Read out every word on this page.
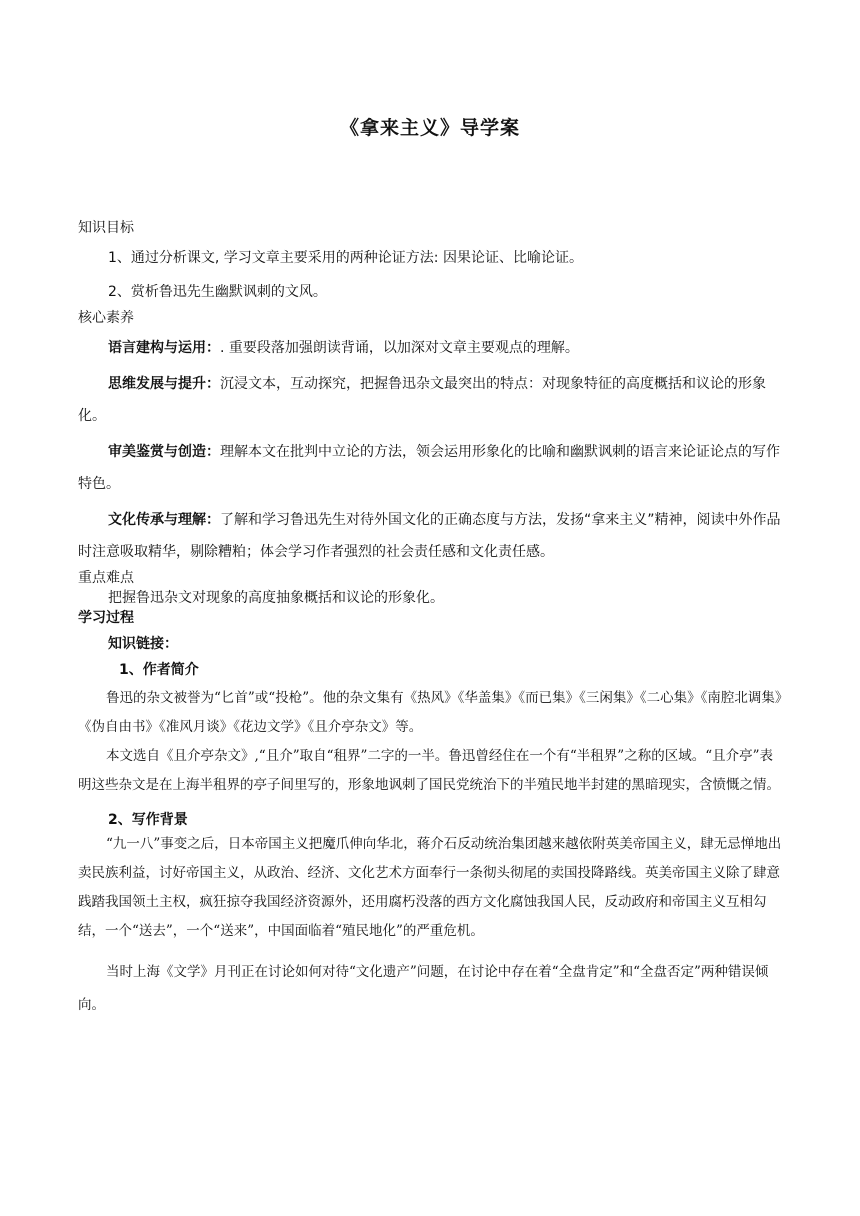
《拿来主义》导学案

知识目标

1、通过分析课文, 学习文章主要采用的两种论证方法: 因果论证、比喻论证。

2、赏析鲁迅先生幽默讽刺的文风。

核心素养

语言建构与运用：. 重要段落加强朗读背诵，以加深对文章主要观点的理解。

思维发展与提升：沉浸文本，互动探究，把握鲁迅杂文最突出的特点：对现象特征的高度概括和议论的形象化。

审美鉴赏与创造：理解本文在批判中立论的方法，领会运用形象化的比喻和幽默讽刺的语言来论证论点的写作特色。

文化传承与理解：了解和学习鲁迅先生对待外国文化的正确态度与方法，发扬“拿来主义”精神，阅读中外作品时注意吸取精华，剔除糟粕；体会学习作者强烈的社会责任感和文化责任感。

重点难点

把握鲁迅杂文对现象的高度抽象概括和议论的形象化。

学习过程

知识链接：

1、作者简介

鲁迅的杂文被誉为“匕首”或“投枪”。他的杂文集有《热风》《华盖集》《而已集》《三闲集》《二心集》《南腔北调集》《伪自由书》《准风月谈》《花边文学》《且介亭杂文》等。

本文选自《且介亭杂文》,“且介”取自“租界”二字的一半。鲁迅曾经住在一个有“半租界”之称的区域。“且介亭”表明这些杂文是在上海半租界的亭子间里写的，形象地讽刺了国民党统治下的半殖民地半封建的黑暗现实，含愤慨之情。

2、写作背景

“九一八”事变之后，日本帝国主义把魔爪伸向华北，蒋介石反动统治集团越来越依附英美帝国主义，肆无忌惮地出卖民族利益，讨好帝国主义，从政治、经济、文化艺术方面奉行一条彻头彻尾的卖国投降路线。英美帝国主义除了肆意践踏我国领土主权，疯狂掠夺我国经济资源外，还用腐朽没落的西方文化腐蚀我国人民，反动政府和帝国主义互相勾结，一个“送去”，一个“送来”，中国面临着“殖民地化”的严重危机。

当时上海《文学》月刊正在讨论如何对待“文化遗产”问题，在讨论中存在着“全盘肯定”和“全盘否定”两种错误倾向。
